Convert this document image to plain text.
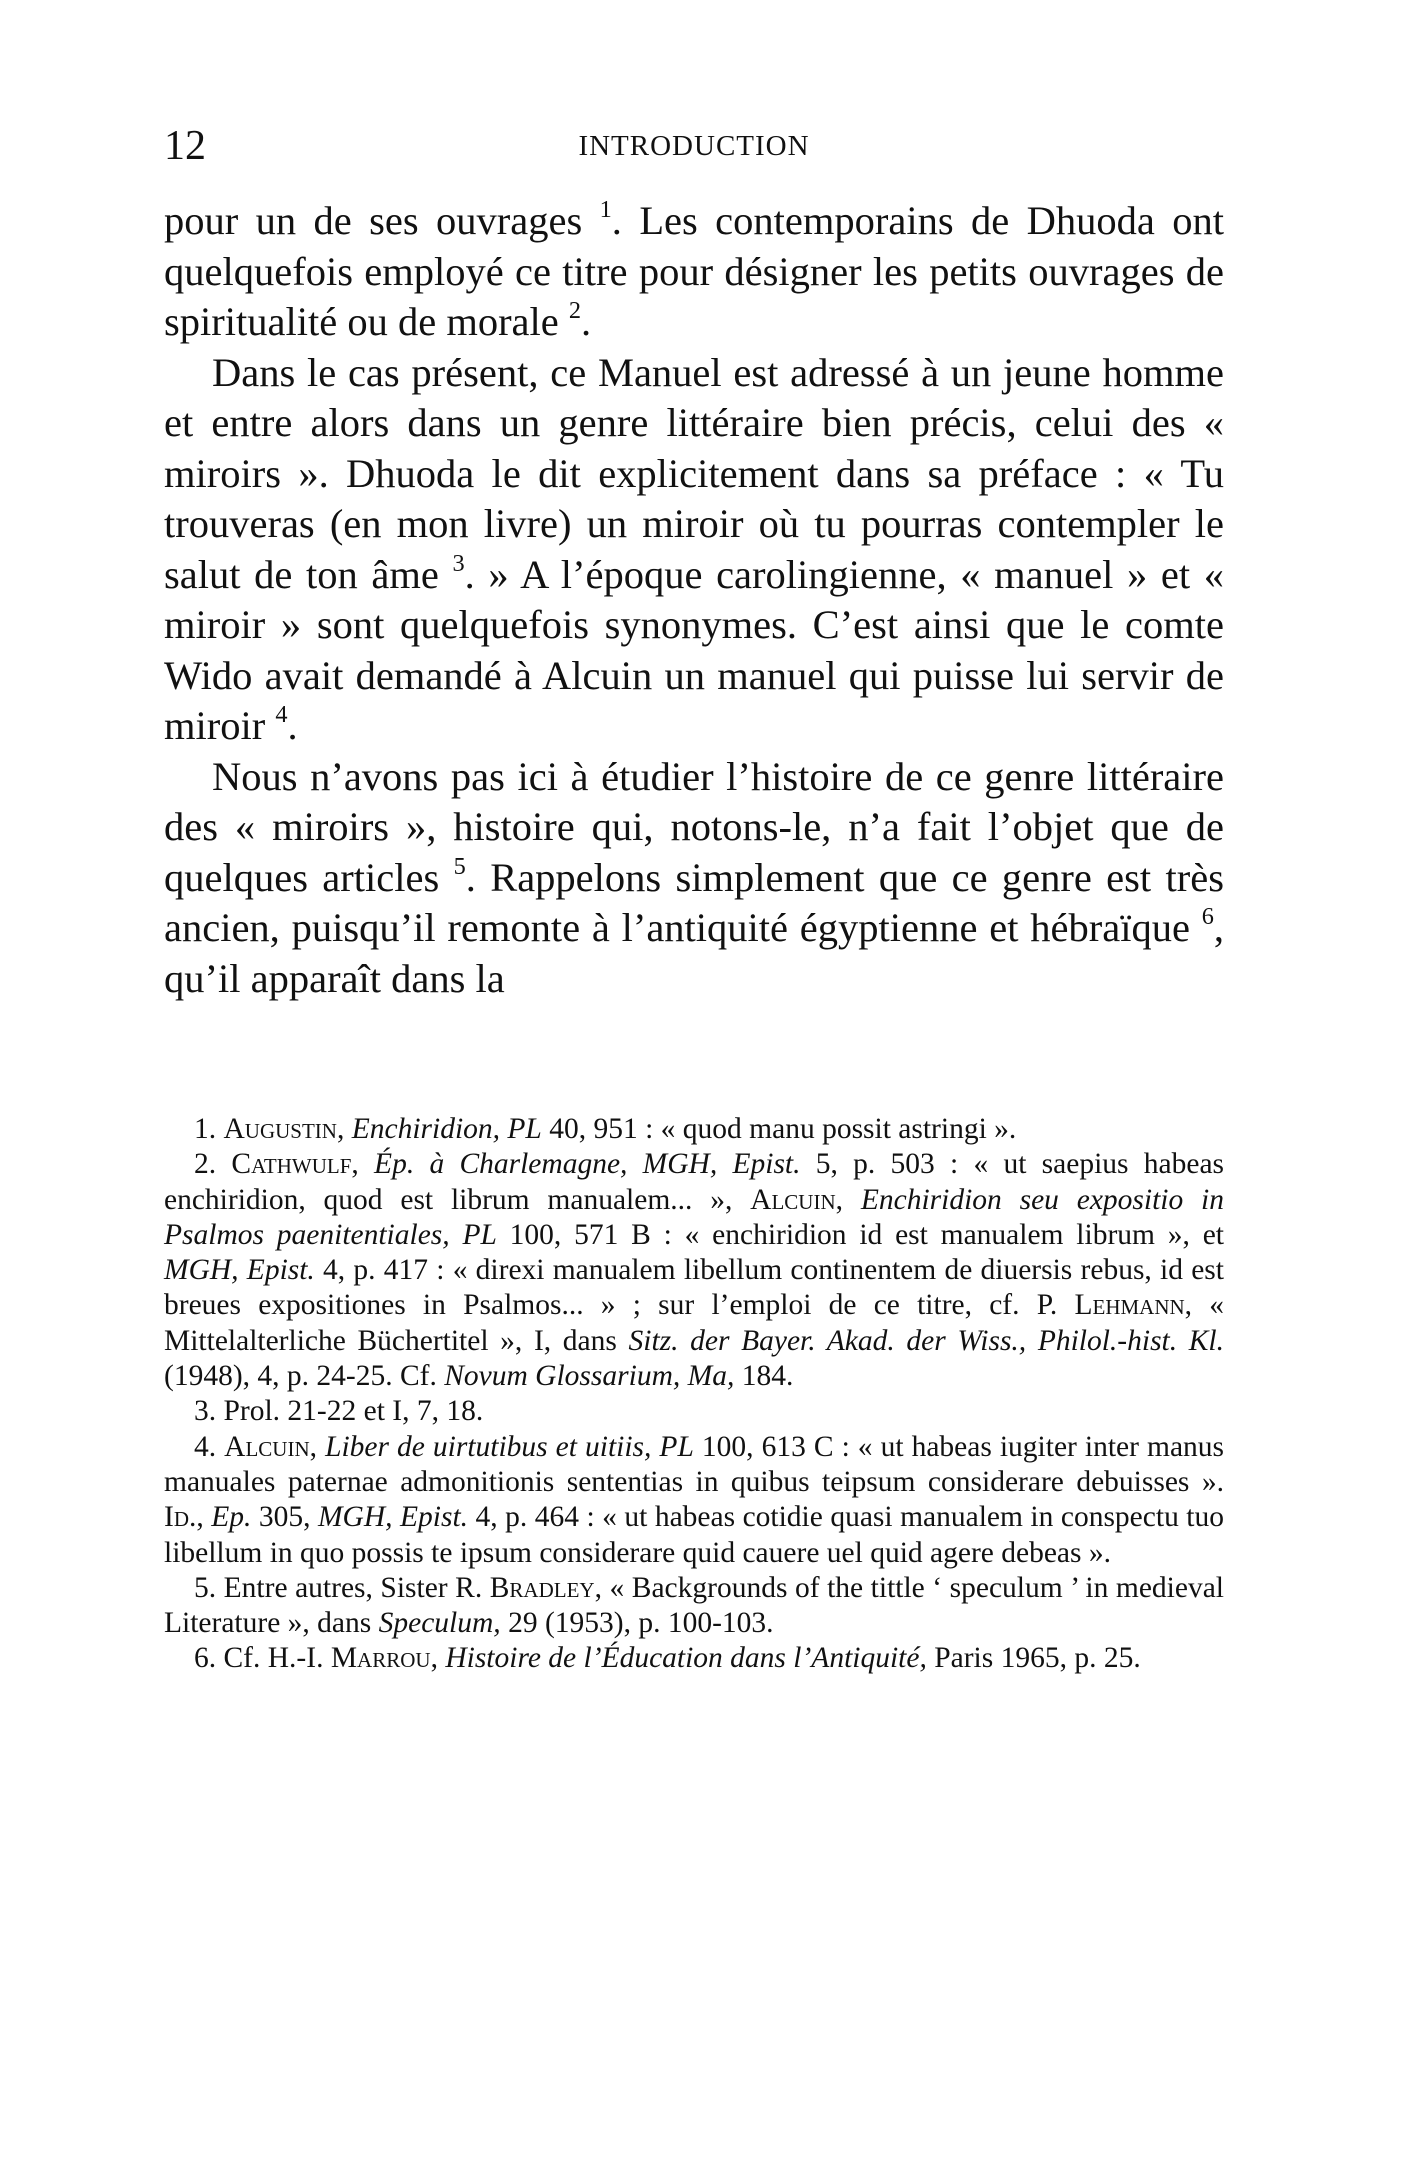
12	INTRODUCTION

pour un de ses ouvrages $^1$. Les contemporains de Dhuoda ont quelquefois employé ce titre pour désigner les petits ouvrages de spiritualité ou de morale $^2$.

Dans le cas présent, ce Manuel est adressé à un jeune homme et entre alors dans un genre littéraire bien précis, celui des « miroirs ». Dhuoda le dit explicitement dans sa préface : « Tu trouveras (en mon livre) un miroir où tu pourras contempler le salut de ton âme $^3$. » A l’époque carolingienne, « manuel » et « miroir » sont quelquefois synonymes. C’est ainsi que le comte Wido avait demandé à Alcuin un manuel qui puisse lui servir de miroir $^4$.

Nous n’avons pas ici à étudier l’histoire de ce genre littéraire des « miroirs », histoire qui, notons-le, n’a fait l’objet que de quelques articles $^5$. Rappelons simplement que ce genre est très ancien, puisqu’il remonte à l’antiquité égyptienne et hébraïque $^6$, qu’il apparaît dans la

1. Augustin, Enchiridion, PL 40, 951 : « quod manu possit astringi ».

2. Cathwulf, Ép. à Charlemagne, MGH, Epist. 5, p. 503 : « ut saepius habeas enchiridion, quod est librum manualem... », Alcuin, Enchiridion seu expositio in Psalmos paenitentiales, PL 100, 571 B : « enchiridion id est manualem librum », et MGH, Epist. 4, p. 417 : « direxi manualem libellum continentem de diuersis rebus, id est breues expositiones in Psalmos... » ; sur l’emploi de ce titre, cf. P. Lehmann, « Mittelalterliche Büchertitel », I, dans Sitz. der Bayer. Akad. der Wiss., Philol.-hist. Kl. (1948), 4, p. 24-25. Cf. Novum Glossarium, Ma, 184.

3. Prol. 21-22 et I, 7, 18.

4. Alcuin, Liber de uirtutibus et uitiis, PL 100, 613 C : « ut habeas iugiter inter manus manuales paternae admonitionis sententias in quibus teipsum considerare debuisses ». Id., Ep. 305, MGH, Epist. 4, p. 464 : « ut habeas cotidie quasi manualem in conspectu tuo libellum in quo possis te ipsum considerare quid cauere uel quid agere debeas ».

5. Entre autres, Sister R. Bradley, « Backgrounds of the tittle ‘ speculum ’ in medieval Literature », dans Speculum, 29 (1953), p. 100-103.

6. Cf. H.-I. Marrou, Histoire de l’Éducation dans l’Antiquité, Paris 1965, p. 25.
